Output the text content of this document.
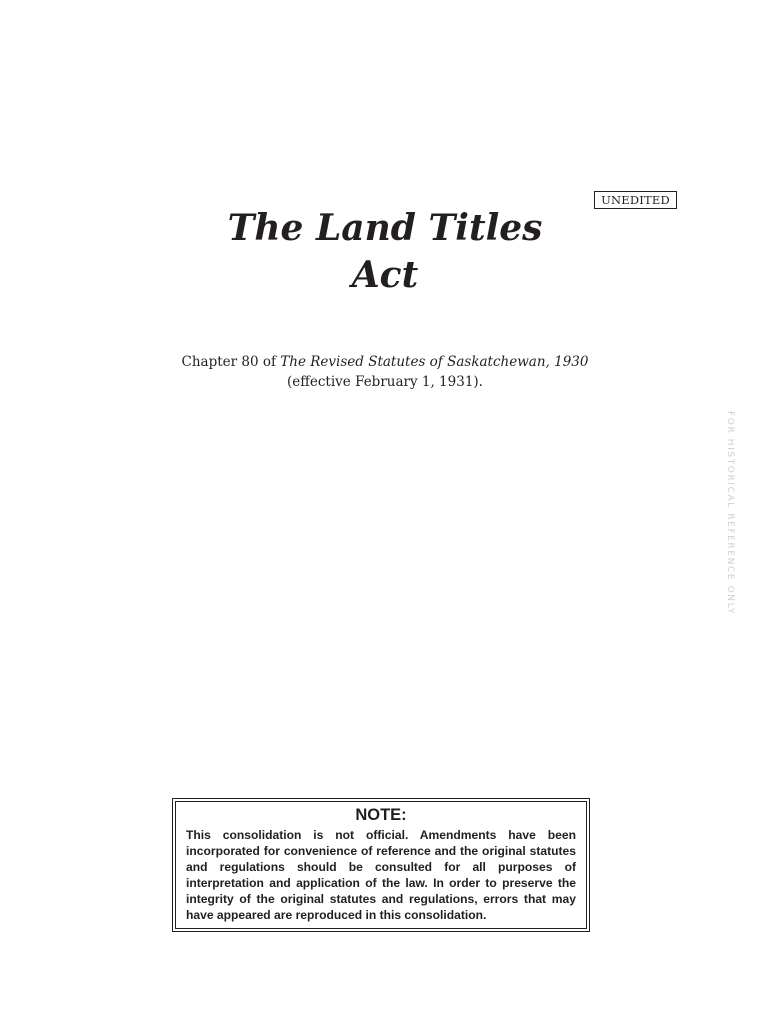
UNEDITED
The Land Titles
Act
Chapter 80 of The Revised Statutes of Saskatchewan, 1930
(effective February 1, 1931).
FOR HISTORICAL REFERENCE ONLY
NOTE:

This consolidation is not official. Amendments have been incorporated for convenience of reference and the original statutes and regulations should be consulted for all purposes of interpretation and application of the law. In order to preserve the integrity of the original statutes and regulations, errors that may have appeared are reproduced in this consolidation.
